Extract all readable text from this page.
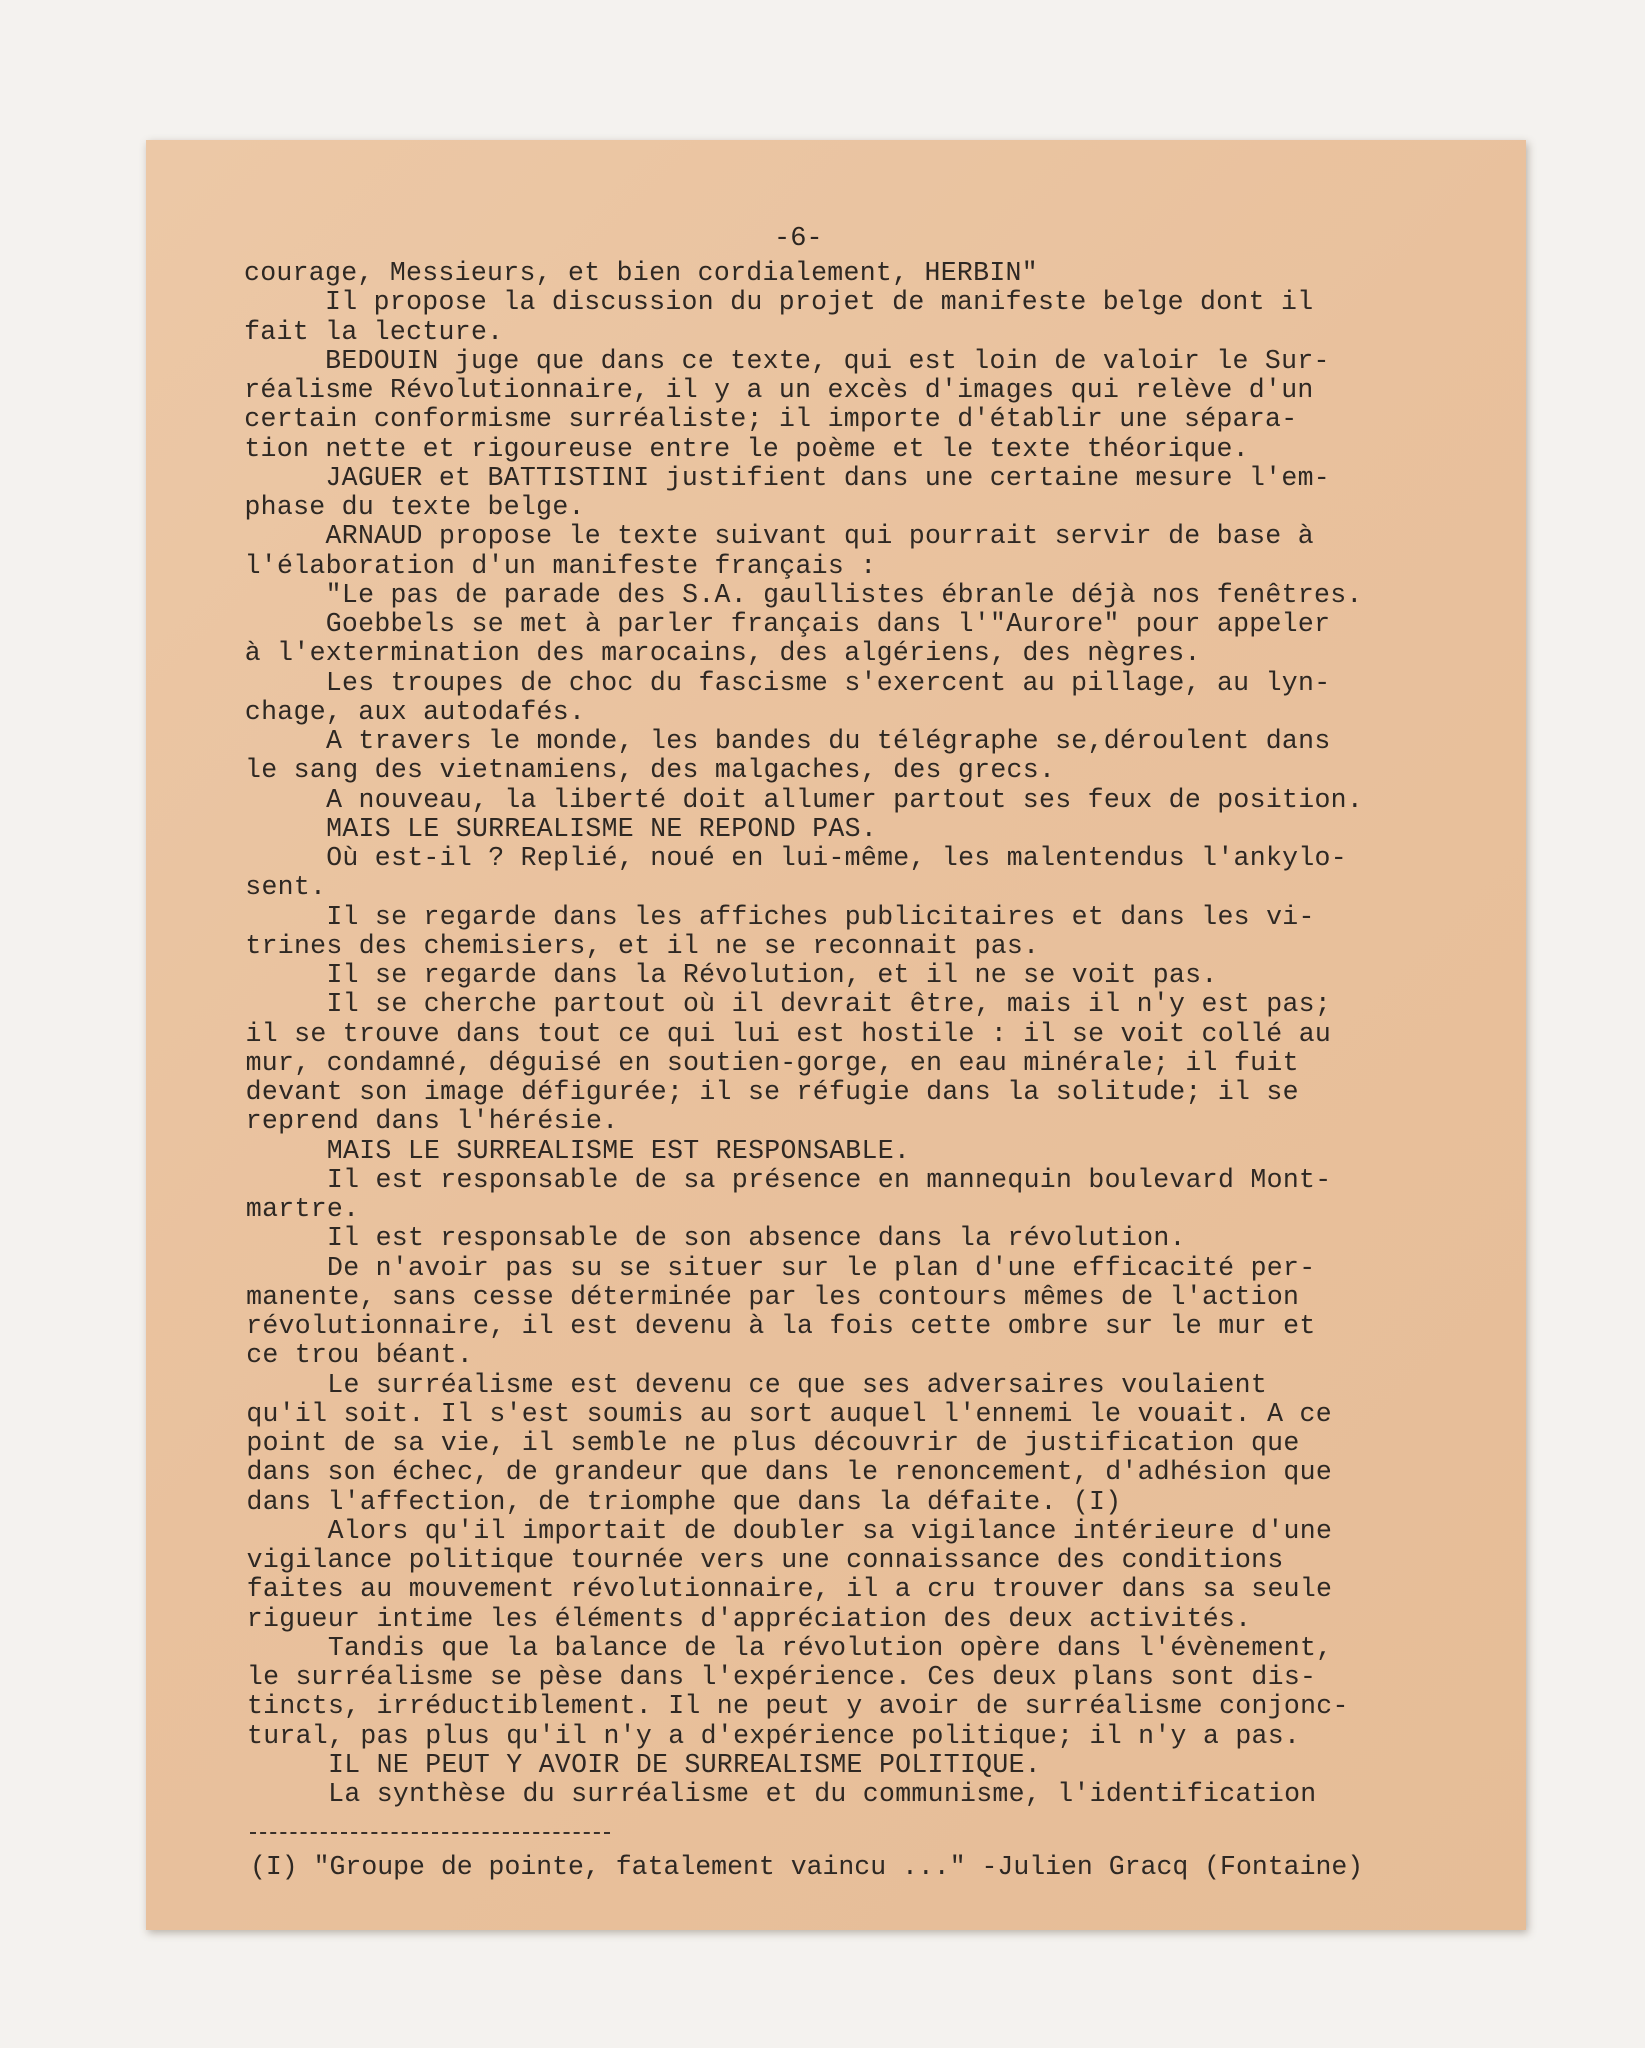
-6-
courage, Messieurs, et bien cordialement, HERBIN"
Il propose la discussion du projet de manifeste belge dont il
fait la lecture.
BEDOUIN juge que dans ce texte, qui est loin de valoir le Sur-
réalisme Révolutionnaire, il y a un excès d'images qui relève d'un
certain conformisme surréaliste; il importe d'établir une sépara-
tion nette et rigoureuse entre le poème et le texte théorique.
JAGUER et BATTISTINI justifient dans une certaine mesure l'em-
phase du texte belge.
ARNAUD propose le texte suivant qui pourrait servir de base à
l'élaboration d'un manifeste français :
"Le pas de parade des S.A. gaullistes ébranle déjà nos fenêtres.
Goebbels se met à parler français dans l'"Aurore" pour appeler
à l'extermination des marocains, des algériens, des nègres.
Les troupes de choc du fascisme s'exercent au pillage, au lyn-
chage, aux autodafés.
A travers le monde, les bandes du télégraphe se,déroulent dans
le sang des vietnamiens, des malgaches, des grecs.
A nouveau, la liberté doit allumer partout ses feux de position.
MAIS LE SURREALISME NE REPOND PAS.
Où est-il ? Replié, noué en lui-même, les malentendus l'ankylo-
sent.
Il se regarde dans les affiches publicitaires et dans les vi-
trines des chemisiers, et il ne se reconnait pas.
Il se regarde dans la Révolution, et il ne se voit pas.
Il se cherche partout où il devrait être, mais il n'y est pas;
il se trouve dans tout ce qui lui est hostile : il se voit collé au
mur, condamné, déguisé en soutien-gorge, en eau minérale; il fuit
devant son image défigurée; il se réfugie dans la solitude; il se
reprend dans l'hérésie.
MAIS LE SURREALISME EST RESPONSABLE.
Il est responsable de sa présence en mannequin boulevard Mont-
martre.
Il est responsable de son absence dans la révolution.
De n'avoir pas su se situer sur le plan d'une efficacité per-
manente, sans cesse déterminée par les contours mêmes de l'action
révolutionnaire, il est devenu à la fois cette ombre sur le mur et
ce trou béant.
Le surréalisme est devenu ce que ses adversaires voulaient
qu'il soit. Il s'est soumis au sort auquel l'ennemi le vouait. A ce
point de sa vie, il semble ne plus découvrir de justification que
dans son échec, de grandeur que dans le renoncement, d'adhésion que
dans l'affection, de triomphe que dans la défaite. (I)
Alors qu'il importait de doubler sa vigilance intérieure d'une
vigilance politique tournée vers une connaissance des conditions
faites au mouvement révolutionnaire, il a cru trouver dans sa seule
rigueur intime les éléments d'appréciation des deux activités.
Tandis que la balance de la révolution opère dans l'évènement,
le surréalisme se pèse dans l'expérience. Ces deux plans sont dis-
tincts, irréductiblement. Il ne peut y avoir de surréalisme conjonc-
tural, pas plus qu'il n'y a d'expérience politique; il n'y a pas.
IL NE PEUT Y AVOIR DE SURREALISME POLITIQUE.
La synthèse du surréalisme et du communisme, l'identification
(I) "Groupe de pointe, fatalement vaincu ..." -Julien Gracq (Fontaine)
